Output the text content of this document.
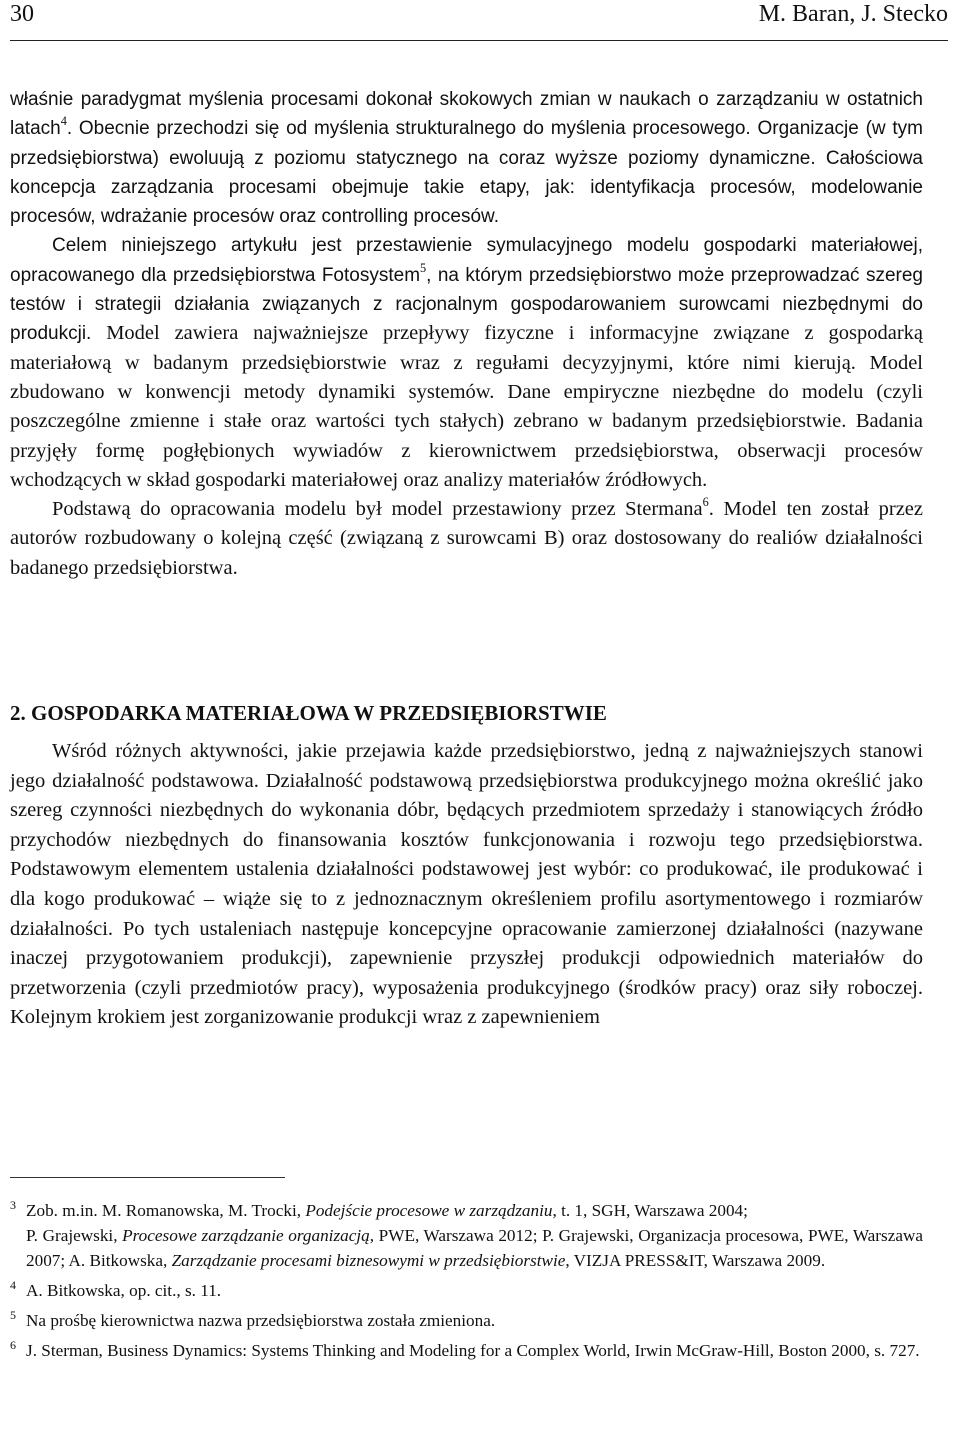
30	M. Baran, J. Stecko

właśnie paradygmat myślenia procesami dokonał skokowych zmian w naukach o zarządzaniu w ostatnich latach$^4$. Obecnie przechodzi się od myślenia strukturalnego do myślenia procesowego. Organizacje (w tym przedsiębiorstwa) ewoluują z poziomu statycznego na coraz wyższe poziomy dynamiczne. Całościowa koncepcja zarządzania procesami obejmuje takie etapy, jak: identyfikacja procesów, modelowanie procesów, wdrażanie procesów oraz controlling procesów.

Celem niniejszego artykułu jest przestawienie symulacyjnego modelu gospodarki materiałowej, opracowanego dla przedsiębiorstwa Fotosystem$^5$, na którym przedsiębiorstwo może przeprowadzać szereg testów i strategii działania związanych z racjonalnym gospodarowaniem surowcami niezbędnymi do produkcji. Model zawiera najważniejsze przepływy fizyczne i informacyjne związane z gospodarką materiałową w badanym przedsiębiorstwie wraz z regułami decyzyjnymi, które nimi kierują. Model zbudowano w konwencji metody dynamiki systemów. Dane empiryczne niezbędne do modelu (czyli poszczególne zmienne i stałe oraz wartości tych stałych) zebrano w badanym przedsiębiorstwie. Badania przyjęły formę pogłębionych wywiadów z kierownictwem przedsiębiorstwa, obserwacji procesów wchodzących w skład gospodarki materiałowej oraz analizy materiałów źródłowych.

Podstawą do opracowania modelu był model przestawiony przez Stermana$^6$. Model ten został przez autorów rozbudowany o kolejną część (związaną z surowcami B) oraz dostosowany do realiów działalności badanego przedsiębiorstwa.

2. GOSPODARKA MATERIAŁOWA W PRZEDSIĘBIORSTWIE

Wśród różnych aktywności, jakie przejawia każde przedsiębiorstwo, jedną z najważniejszych stanowi jego działalność podstawowa. Działalność podstawową przedsiębiorstwa produkcyjnego można określić jako szereg czynności niezbędnych do wykonania dóbr, będących przedmiotem sprzedaży i stanowiących źródło przychodów niezbędnych do finansowania kosztów funkcjonowania i rozwoju tego przedsiębiorstwa. Podstawowym elementem ustalenia działalności podstawowej jest wybór: co produkować, ile produkować i dla kogo produkować – wiąże się to z jednoznacznym określeniem profilu asortymentowego i rozmiarów działalności. Po tych ustaleniach następuje koncepcyjne opracowanie zamierzonej działalności (nazywane inaczej przygotowaniem produkcji), zapewnienie przyszłej produkcji odpowiednich materiałów do przetworzenia (czyli przedmiotów pracy), wyposażenia produkcyjnego (środków pracy) oraz siły roboczej. Kolejnym krokiem jest zorganizowanie produkcji wraz z zapewnieniem

3 Zob. m.in. M. Romanowska, M. Trocki, Podejście procesowe w zarządzaniu, t. 1, SGH, Warszawa 2004;
P. Grajewski, Procesowe zarządzanie organizacją, PWE, Warszawa 2012; P. Grajewski, Organizacja procesowa, PWE, Warszawa 2007; A. Bitkowska, Zarządzanie procesami biznesowymi w przedsiębiorstwie, VIZJA PRESS&IT, Warszawa 2009.
4 A. Bitkowska, op. cit., s. 11.
5 Na prośbę kierownictwa nazwa przedsiębiorstwa została zmieniona.
6 J. Sterman, Business Dynamics: Systems Thinking and Modeling for a Complex World, Irwin McGraw-Hill, Boston 2000, s. 727.
